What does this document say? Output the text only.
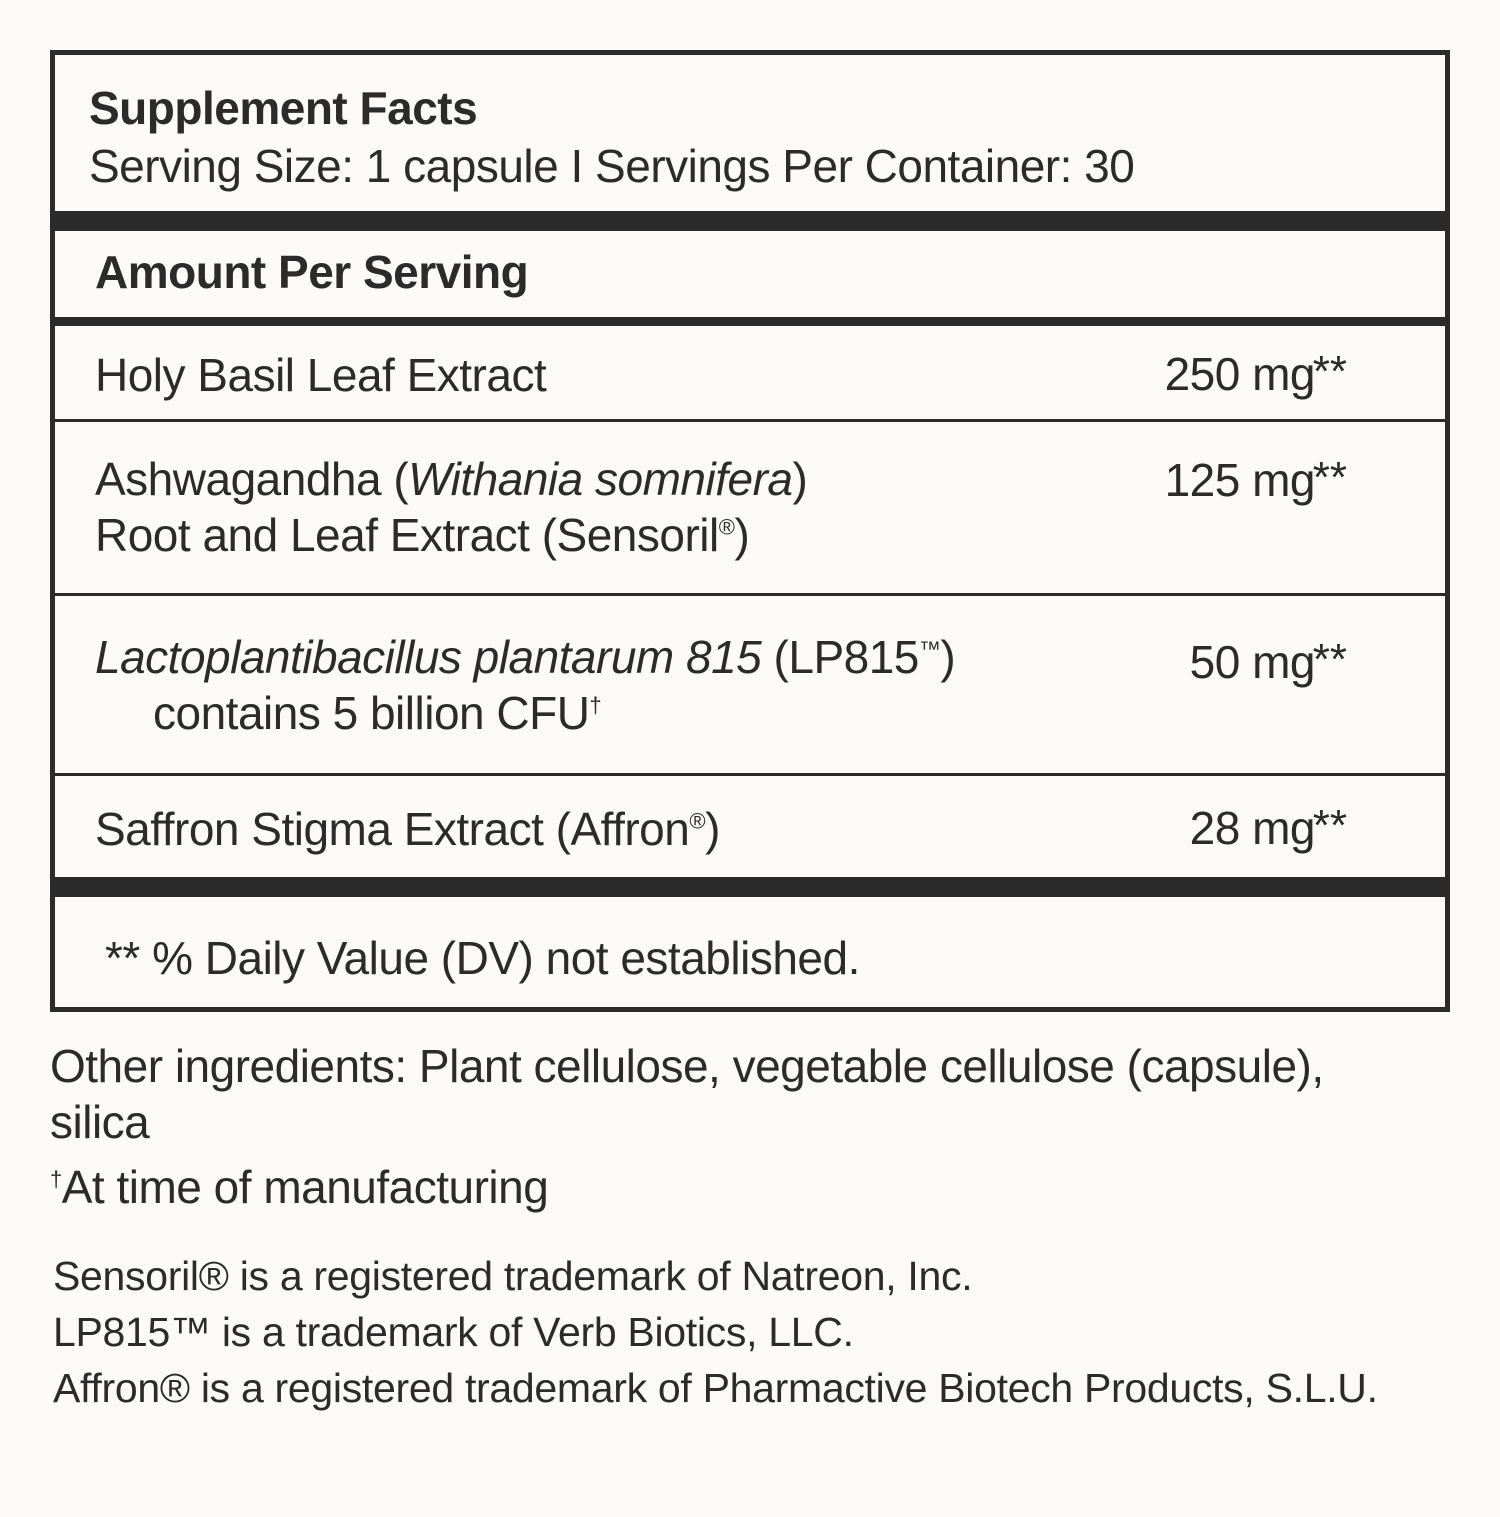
Supplement Facts
Serving Size: 1 capsule I Servings Per Container: 30
Amount Per Serving
Holy Basil Leaf Extract	250 mg
**
Ashwagandha (Withania somnifera)
Root and Leaf Extract (Sensoril®)
125 mg
**
Lactoplantibacillus plantarum 815 (LP815™)
contains 5 billion CFU†
50 mg
**
Saffron Stigma Extract (Affron®)	28 mg
**
** % Daily Value (DV) not established.
Other ingredients: Plant cellulose, vegetable cellulose (capsule), silica
†At time of manufacturing
Sensoril® is a registered trademark of Natreon, Inc.
LP815™ is a trademark of Verb Biotics, LLC.
Affron® is a registered trademark of Pharmactive Biotech Products, S.L.U.
